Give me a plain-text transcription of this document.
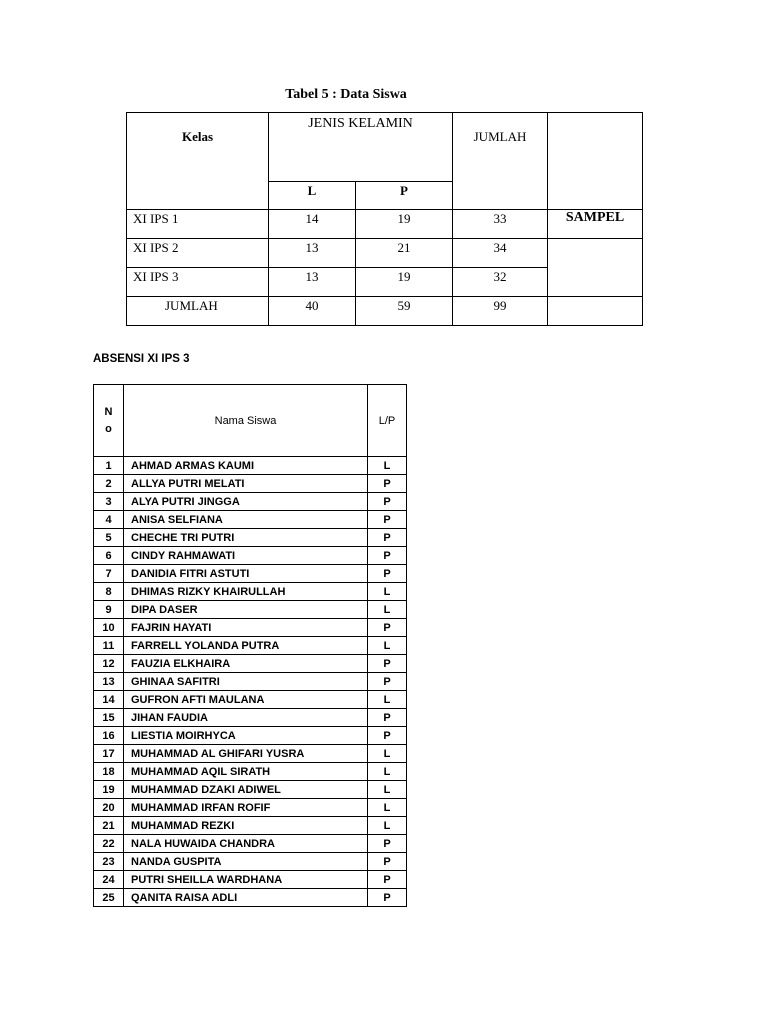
Tabel 5 : Data Siswa
Kelas	JENIS KELAMIN		JUMLAH	
	L	P		
XI IPS 1	14	19	33	SAMPEL
XI IPS 2	13	21	34	
XI IPS 3	13	19	32	
JUMLAH	40	59	99	
ABSENSI XI IPS 3
N
o	Nama Siswa	L/P
1	AHMAD ARMAS KAUMI	L
2	ALLYA PUTRI MELATI	P
3	ALYA PUTRI JINGGA	P
4	ANISA SELFIANA	P
5	CHECHE TRI PUTRI	P
6	CINDY RAHMAWATI	P
7	DANIDIA FITRI ASTUTI	P
8	DHIMAS RIZKY KHAIRULLAH	L
9	DIPA DASER	L
10	FAJRIN HAYATI	P
11	FARRELL YOLANDA PUTRA	L
12	FAUZIA ELKHAIRA	P
13	GHINAA SAFITRI	P
14	GUFRON AFTI MAULANA	L
15	JIHAN FAUDIA	P
16	LIESTIA MOIRHYCA	P
17	MUHAMMAD AL GHIFARI YUSRA	L
18	MUHAMMAD AQIL SIRATH	L
19	MUHAMMAD DZAKI ADIWEL	L
20	MUHAMMAD IRFAN ROFIF	L
21	MUHAMMAD REZKI	L
22	NALA HUWAIDA CHANDRA	P
23	NANDA GUSPITA	P
24	PUTRI SHEILLA WARDHANA	P
25	QANITA RAISA ADLI	P
